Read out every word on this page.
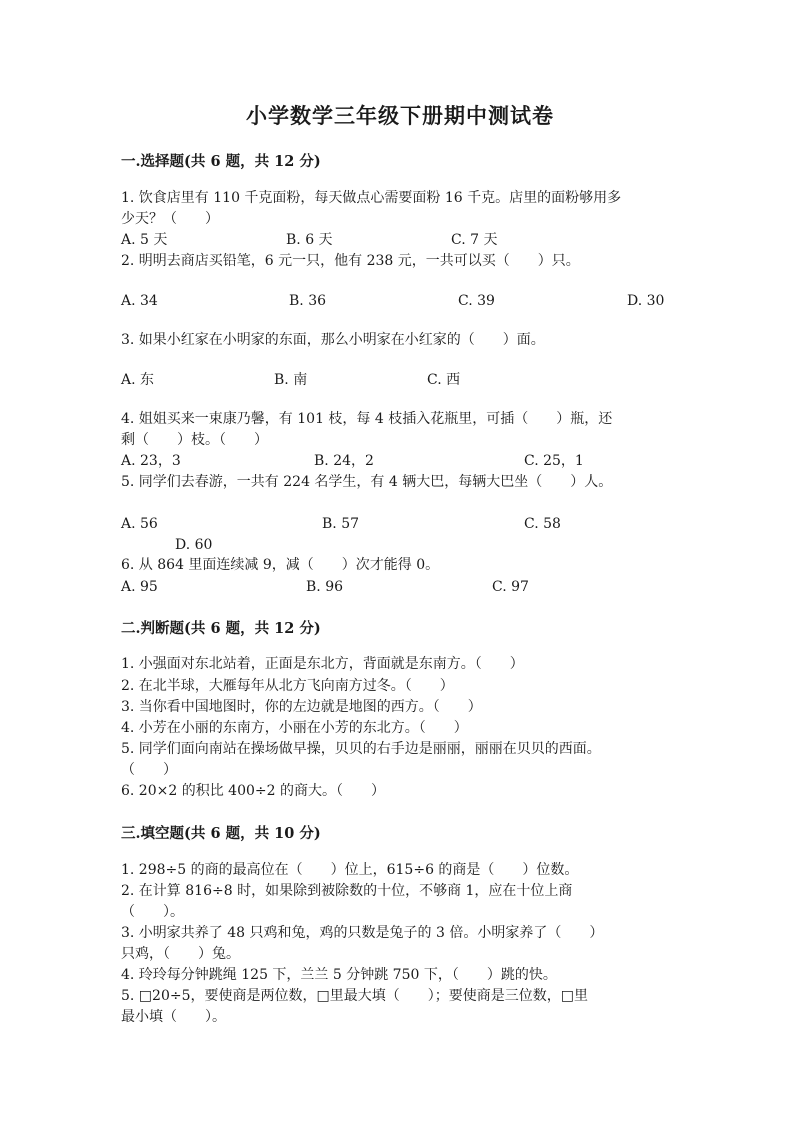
小学数学三年级下册期中测试卷
一.选择题(共 6 题，共 12 分)
1. 饮食店里有 110 千克面粉，每天做点心需要面粉 16 千克。店里的面粉够用多
少天？（　　）
A. 5 天	B. 6 天	C. 7 天
2. 明明去商店买铅笔，6 元一只，他有 238 元，一共可以买（　　）只。
A. 34	B. 36	C. 39	D. 30
3. 如果小红家在小明家的东面，那么小明家在小红家的（　　）面。
A. 东	B. 南	C. 西
4. 姐姐买来一束康乃馨，有 101 枝，每 4 枝插入花瓶里，可插（　　）瓶，还
剩（　　）枝。（　　）
A. 23，3	B. 24，2	C. 25，1
5. 同学们去春游，一共有 224 名学生，有 4 辆大巴，每辆大巴坐（　　）人。
A. 56	B. 57	C. 58
D. 60
6. 从 864 里面连续减 9，减（　　）次才能得 0。
A. 95	B. 96	C. 97
二.判断题(共 6 题，共 12 分)
1. 小强面对东北站着，正面是东北方，背面就是东南方。（　　）
2. 在北半球，大雁每年从北方飞向南方过冬。（　　）
3. 当你看中国地图时，你的左边就是地图的西方。（　　）
4. 小芳在小丽的东南方，小丽在小芳的东北方。（　　）
5. 同学们面向南站在操场做早操，贝贝的右手边是丽丽，丽丽在贝贝的西面。
（　　）
6. 20×2 的积比 400÷2 的商大。（　　）
三.填空题(共 6 题，共 10 分)
1. 298÷5 的商的最高位在（　　）位上，615÷6 的商是（　　）位数。
2. 在计算 816÷8 时，如果除到被除数的十位，不够商 1，应在十位上商
（　　）。
3. 小明家共养了 48 只鸡和兔，鸡的只数是兔子的 3 倍。小明家养了（　　）
只鸡，（　　）兔。
4. 玲玲每分钟跳绳 125 下，兰兰 5 分钟跳 750 下，（　　）跳的快。
5. □20÷5，要使商是两位数，□里最大填（　　）；要使商是三位数，□里
最小填（　　）。
